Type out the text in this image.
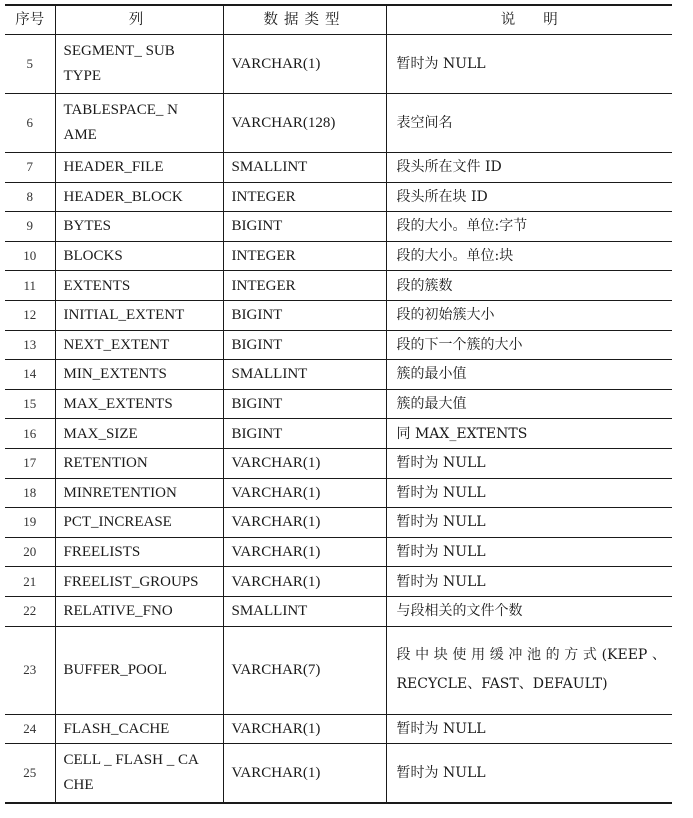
序号	列	数据类型	说明
5	SEGMENT_ SUBTYPE	VARCHAR(1)	暂时为 NULL
6	TABLESPACE_ NAME	VARCHAR(128)	表空间名
7	HEADER_FILE	SMALLINT	段头所在文件 ID
8	HEADER_BLOCK	INTEGER	段头所在块 ID
9	BYTES	BIGINT	段的大小。单位:字节
10	BLOCKS	INTEGER	段的大小。单位:块
11	EXTENTS	INTEGER	段的簇数
12	INITIAL_EXTENT	BIGINT	段的初始簇大小
13	NEXT_EXTENT	BIGINT	段的下一个簇的大小
14	MIN_EXTENTS	SMALLINT	簇的最小值
15	MAX_EXTENTS	BIGINT	簇的最大值
16	MAX_SIZE	BIGINT	同 MAX_EXTENTS
17	RETENTION	VARCHAR(1)	暂时为 NULL
18	MINRETENTION	VARCHAR(1)	暂时为 NULL
19	PCT_INCREASE	VARCHAR(1)	暂时为 NULL
20	FREELISTS	VARCHAR(1)	暂时为 NULL
21	FREELIST_GROUPS	VARCHAR(1)	暂时为 NULL
22	RELATIVE_FNO	SMALLINT	与段相关的文件个数
23	BUFFER_POOL	VARCHAR(7)	段中块使用缓冲池的方式(KEEP、RECYCLE、FAST、DEFAULT)
24	FLASH_CACHE	VARCHAR(1)	暂时为 NULL
25	CELL _ FLASH _ CACHE	VARCHAR(1)	暂时为 NULL
